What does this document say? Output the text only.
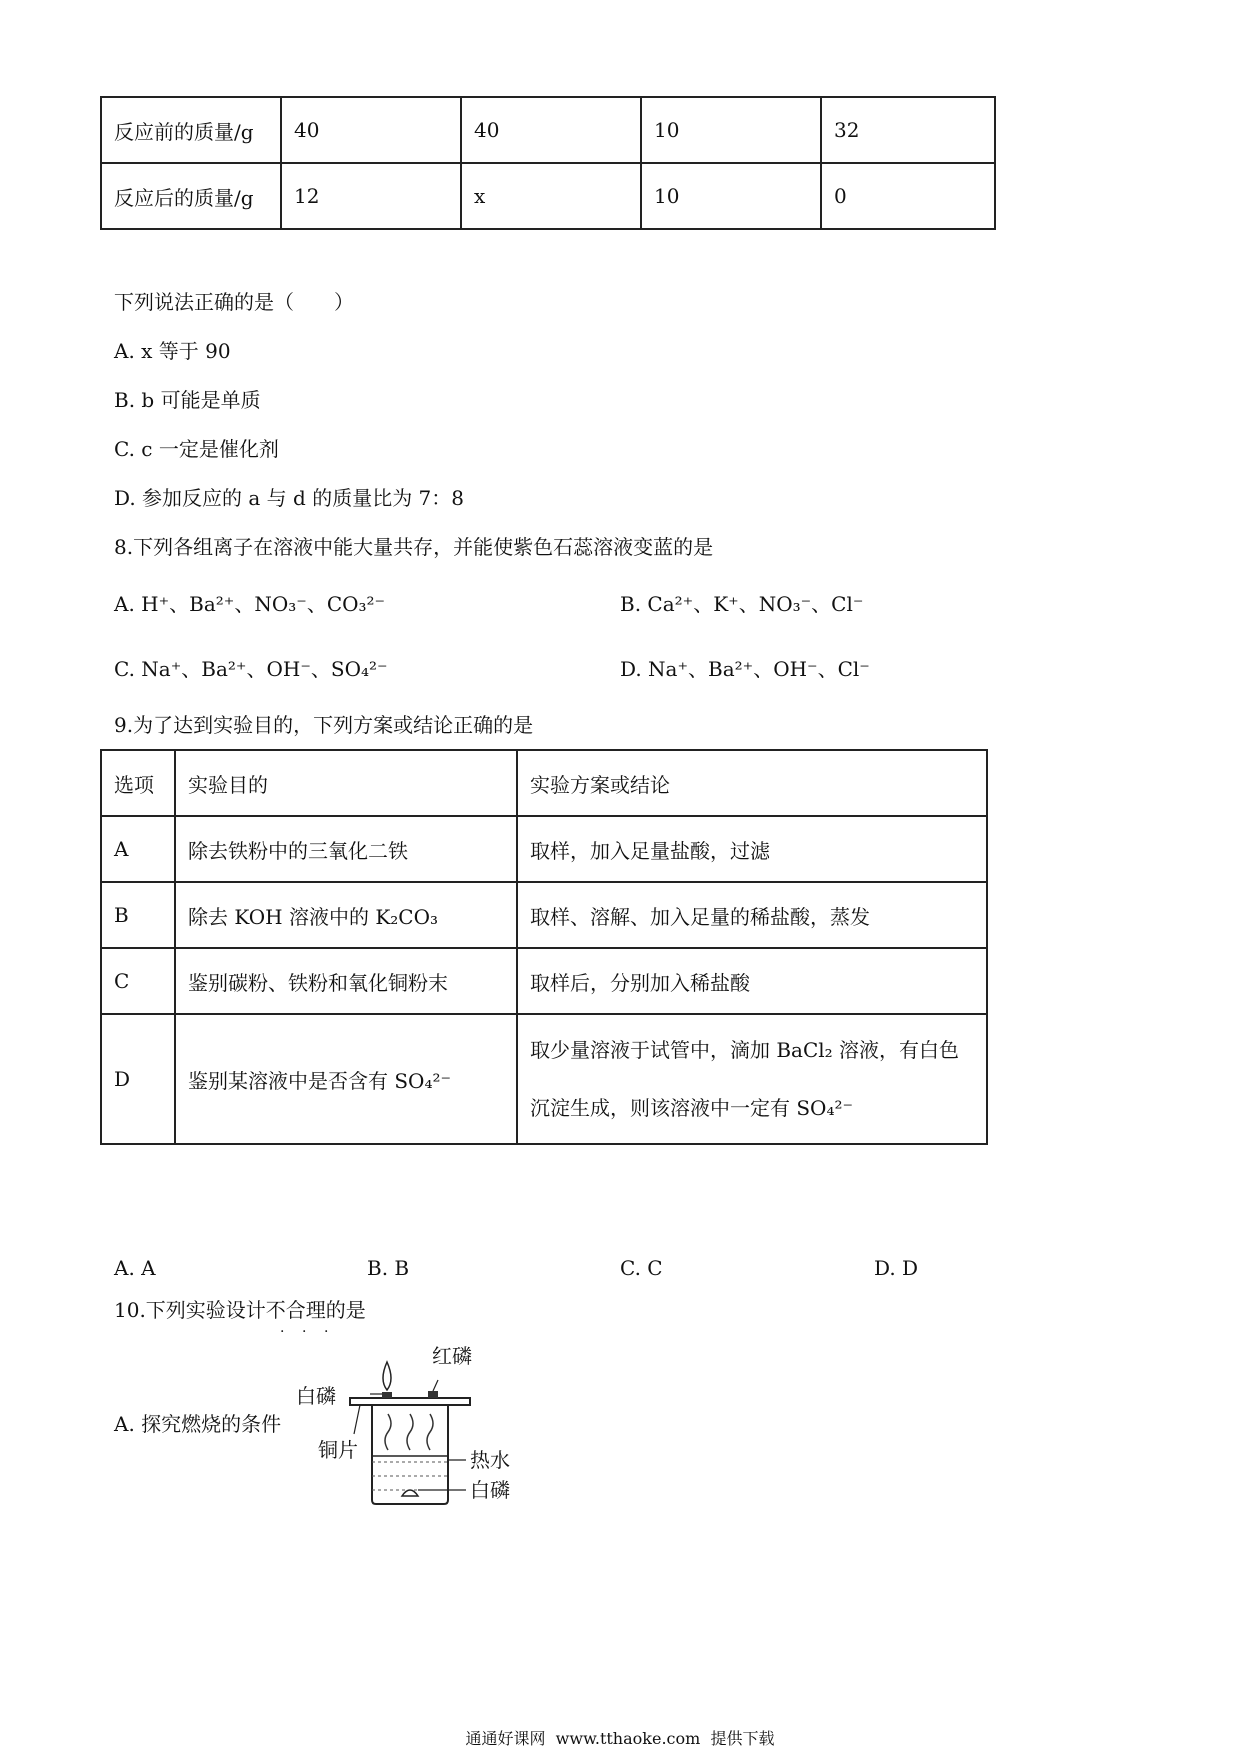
反应前的质量/g	40	40	10	32
反应后的质量/g	12	x	10	0
下列说法正确的是（　　）
A. x 等于 90
B. b 可能是单质
C. c 一定是催化剂
D. 参加反应的 a 与 d 的质量比为 7：8
8.下列各组离子在溶液中能大量共存，并能使紫色石蕊溶液变蓝的是
A. H⁺、Ba²⁺、NO₃⁻、CO₃²⁻	B. Ca²⁺、K⁺、NO₃⁻、Cl⁻
C. Na⁺、Ba²⁺、OH⁻、SO₄²⁻	D. Na⁺、Ba²⁺、OH⁻、Cl⁻
9.为了达到实验目的，下列方案或结论正确的是
选项	实验目的	实验方案或结论
A	除去铁粉中的三氧化二铁	取样，加入足量盐酸，过滤
B	除去 KOH 溶液中的 K₂CO₃	取样、溶解、加入足量的稀盐酸，蒸发
C	鉴别碳粉、铁粉和氧化铜粉末	取样后，分别加入稀盐酸
D	鉴别某溶液中是否含有 SO₄²⁻	取少量溶液于试管中，滴加 BaCl₂ 溶液，有白色
沉淀生成，则该溶液中一定有 SO₄²⁻
A. A	B. B	C. C	D. D
10.下列实验设计不合理的是
· · ·
A. 探究燃烧的条件
红磷
白磷
铜片	热水
白磷
通通好课网  www.tthaoke.com  提供下载
